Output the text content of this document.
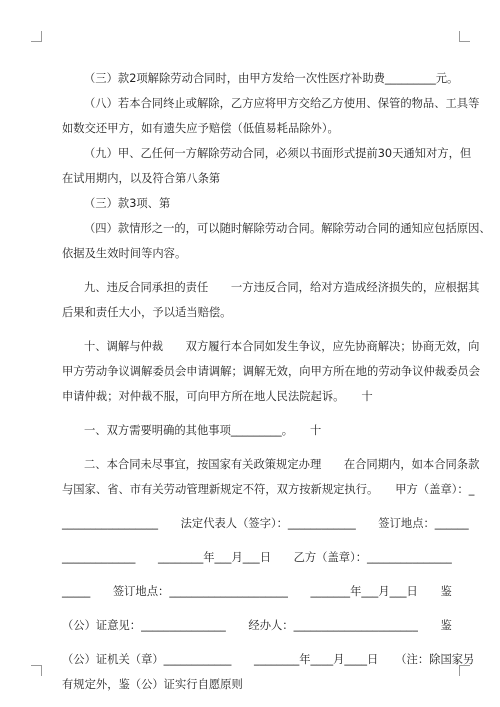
（三）款2项解除劳动合同时，由甲方发给一次性医疗补助费_________元。

（八）若本合同终止或解除，乙方应将甲方交给乙方使用、保管的物品、工具等

如数交还甲方，如有遗失应予赔偿（低值易耗品除外）。

（九）甲、乙任何一方解除劳动合同，必须以书面形式提前30天通知对方，但

在试用期内，以及符合第八条第

（三）款3项、第

（四）款情形之一的，可以随时解除劳动合同。解除劳动合同的通知应包括原因、

依据及生效时间等内容。

九、违反合同承担的责任　　一方违反合同，给对方造成经济损失的，应根据其

后果和责任大小，予以适当赔偿。

十、调解与仲裁　　双方履行本合同如发生争议，应先协商解决；协商无效，向

甲方劳动争议调解委员会申请调解；调解无效，向甲方所在地的劳动争议仲裁委员会

申请仲裁；对仲裁不服，可向甲方所在地人民法院起诉。　　十

一、双方需要明确的其他事项_________。　　十

二、本合同未尽事宜，按国家有关政策规定办理　　在合同期内，如本合同条款

与国家、省、市有关劳动管理新规定不符，双方按新规定执行。　　甲方（盖章）：_

_________________　　法定代表人（签字）：____________　　签订地点：______

_____________　　________年___月___日　　乙方（盖章）：_______________

_____　　签订地点：_____________________　　_______年___月___日　　鉴

（公）证意见：_______________　　经办人：______________________　　鉴

（公）证机关（章）____________　　________年____月____日　　（注：除国家另

有规定外，鉴（公）证实行自愿原则
